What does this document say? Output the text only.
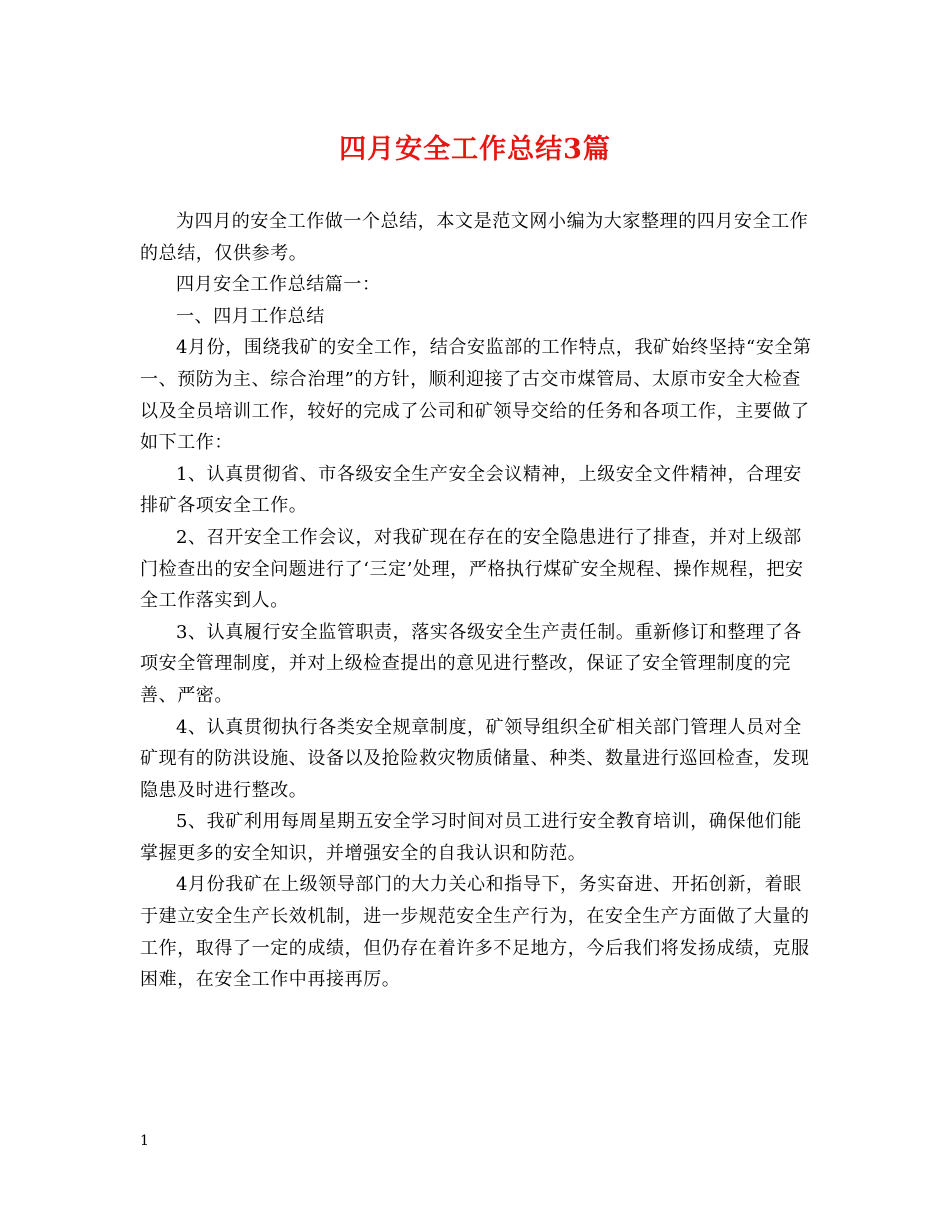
四月安全工作总结3篇

为四月的安全工作做一个总结，本文是范文网小编为大家整理的四月安全工作的总结，仅供参考。

四月安全工作总结篇一：

一、四月工作总结

4月份，围绕我矿的安全工作，结合安监部的工作特点，我矿始终坚持“安全第一、预防为主、综合治理”的方针，顺利迎接了古交市煤管局、太原市安全大检查以及全员培训工作，较好的完成了公司和矿领导交给的任务和各项工作，主要做了如下工作：

1、认真贯彻省、市各级安全生产安全会议精神，上级安全文件精神，合理安排矿各项安全工作。

2、召开安全工作会议，对我矿现在存在的安全隐患进行了排查，并对上级部门检查出的安全问题进行了‘三定’处理，严格执行煤矿安全规程、操作规程，把安全工作落实到人。

3、认真履行安全监管职责，落实各级安全生产责任制。重新修订和整理了各项安全管理制度，并对上级检查提出的意见进行整改，保证了安全管理制度的完善、严密。

4、认真贯彻执行各类安全规章制度，矿领导组织全矿相关部门管理人员对全矿现有的防洪设施、设备以及抢险救灾物质储量、种类、数量进行巡回检查，发现隐患及时进行整改。

5、我矿利用每周星期五安全学习时间对员工进行安全教育培训，确保他们能掌握更多的安全知识，并增强安全的自我认识和防范。

4月份我矿在上级领导部门的大力关心和指导下，务实奋进、开拓创新，着眼于建立安全生产长效机制，进一步规范安全生产行为，在安全生产方面做了大量的工作，取得了一定的成绩，但仍存在着许多不足地方，今后我们将发扬成绩，克服困难，在安全工作中再接再厉。

1
